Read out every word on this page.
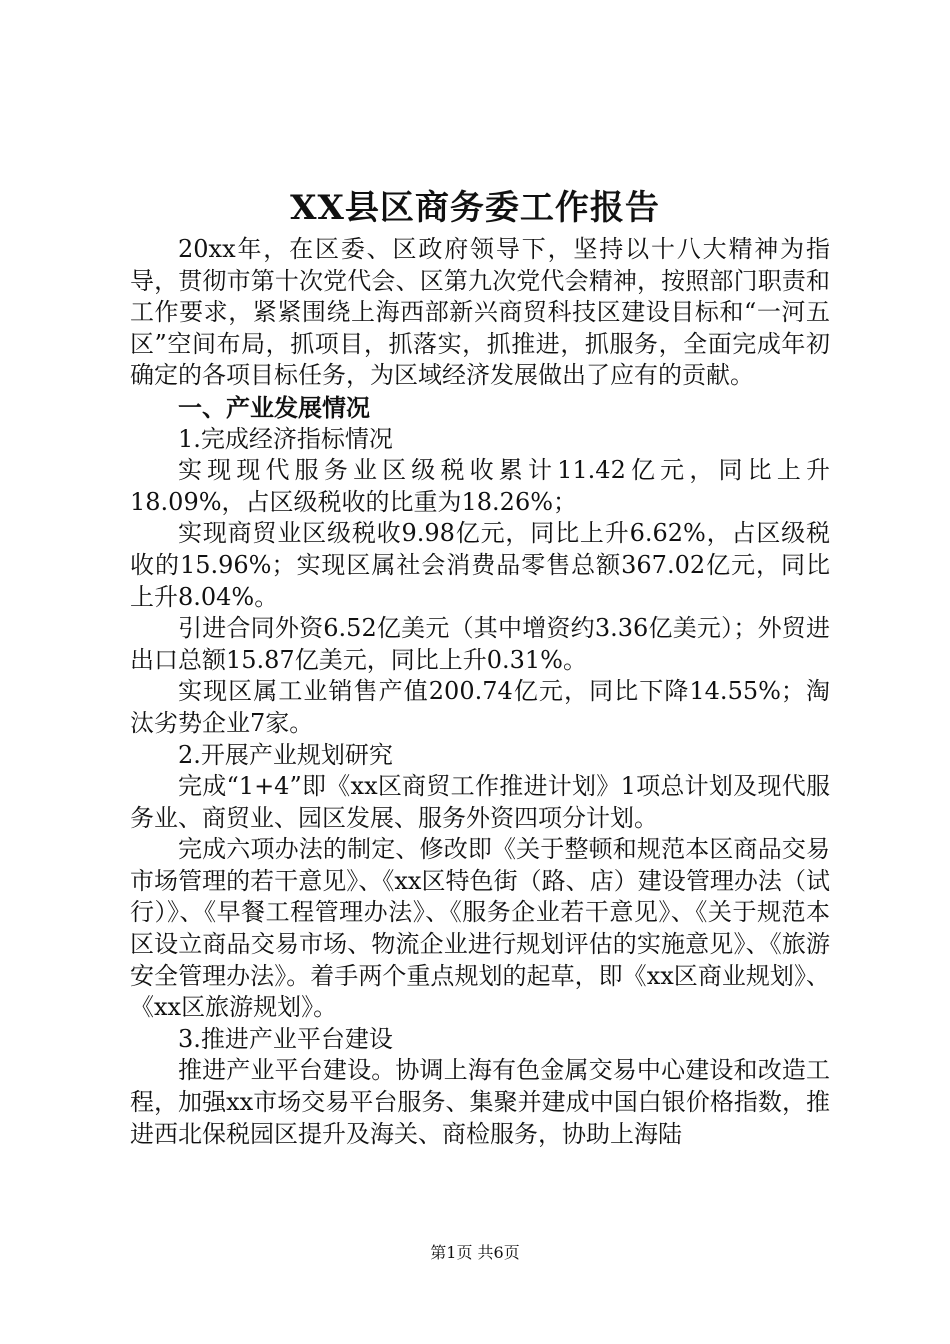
XX县区商务委工作报告

20xx年，在区委、区政府领导下，坚持以十八大精神为指导，贯彻市第十次党代会、区第九次党代会精神，按照部门职责和工作要求，紧紧围绕上海西部新兴商贸科技区建设目标和“一河五区”空间布局，抓项目，抓落实，抓推进，抓服务，全面完成年初确定的各项目标任务，为区域经济发展做出了应有的贡献。

一、产业发展情况

1.完成经济指标情况

实现现代服务业区级税收累计11.42亿元，同比上升18.09%，占区级税收的比重为18.26%；

实现商贸业区级税收9.98亿元，同比上升6.62%，占区级税收的15.96%；实现区属社会消费品零售总额367.02亿元，同比上升8.04%。

引进合同外资6.52亿美元（其中增资约3.36亿美元）；外贸进出口总额15.87亿美元，同比上升0.31%。

实现区属工业销售产值200.74亿元，同比下降14.55%；淘汰劣势企业7家。

2.开展产业规划研究

完成“1+4”即《xx区商贸工作推进计划》1项总计划及现代服务业、商贸业、园区发展、服务外资四项分计划。

完成六项办法的制定、修改即《关于整顿和规范本区商品交易市场管理的若干意见》、《xx区特色街（路、店）建设管理办法（试行）》、《早餐工程管理办法》、《服务企业若干意见》、《关于规范本区设立商品交易市场、物流企业进行规划评估的实施意见》、《旅游安全管理办法》。着手两个重点规划的起草，即《xx区商业规划》、《xx区旅游规划》。

3.推进产业平台建设

推进产业平台建设。协调上海有色金属交易中心建设和改造工程，加强xx市场交易平台服务、集聚并建成中国白银价格指数，推进西北保税园区提升及海关、商检服务，协助上海陆

第1页 共6页
